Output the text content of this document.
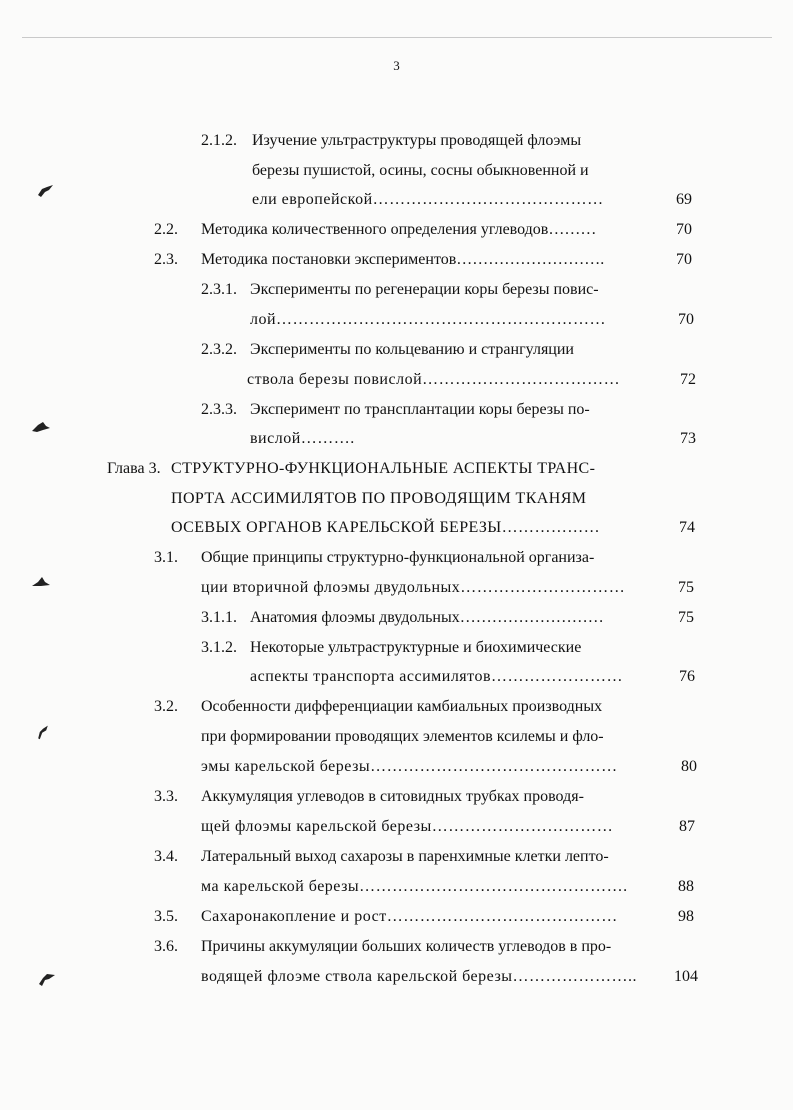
3
2.1.2. Изучение ультраструктуры проводящей флоэмы
березы пушистой, осины, сосны обыкновенной и
ели европейской……………………………………	69
2.2. Методика количественного определения углеводов………	70
2.3. Методика постановки экспериментов……………………….	70
2.3.1. Эксперименты по регенерации коры березы повис-
лой……………………………………………………	70
2.3.2. Эксперименты по кольцеванию и странгуляции
ствола березы повислой………………………………	72
2.3.3. Эксперимент по трансплантации коры березы по-
вислой……….	73
Глава 3. СТРУКТУРНО-ФУНКЦИОНАЛЬНЫЕ АСПЕКТЫ ТРАНС-
ПОРТА АССИМИЛЯТОВ ПО ПРОВОДЯЩИМ ТКАНЯМ
ОСЕВЫХ ОРГАНОВ КАРЕЛЬСКОЙ БЕРЕЗЫ………………	74
3.1. Общие принципы структурно-функциональной организа-
ции вторичной флоэмы двудольных…………………………	75
3.1.1. Анатомия флоэмы двудольных………………………	75
3.1.2. Некоторые ультраструктурные и биохимические
аспекты транспорта ассимилятов……………………	76
3.2. Особенности дифференциации камбиальных производных
при формировании проводящих элементов ксилемы и фло-
эмы карельской березы………………………………………	80
3.3. Аккумуляция углеводов в ситовидных трубках проводя-
щей флоэмы карельской березы……………………………	87
3.4. Латеральный выход сахарозы в паренхимные клетки лепто-
ма карельской березы………………………………………….	88
3.5. Сахаронакопление и рост……………………………………	98
3.6. Причины аккумуляции больших количеств углеводов в про-
водящей флоэме ствола карельской березы…………………..	104
